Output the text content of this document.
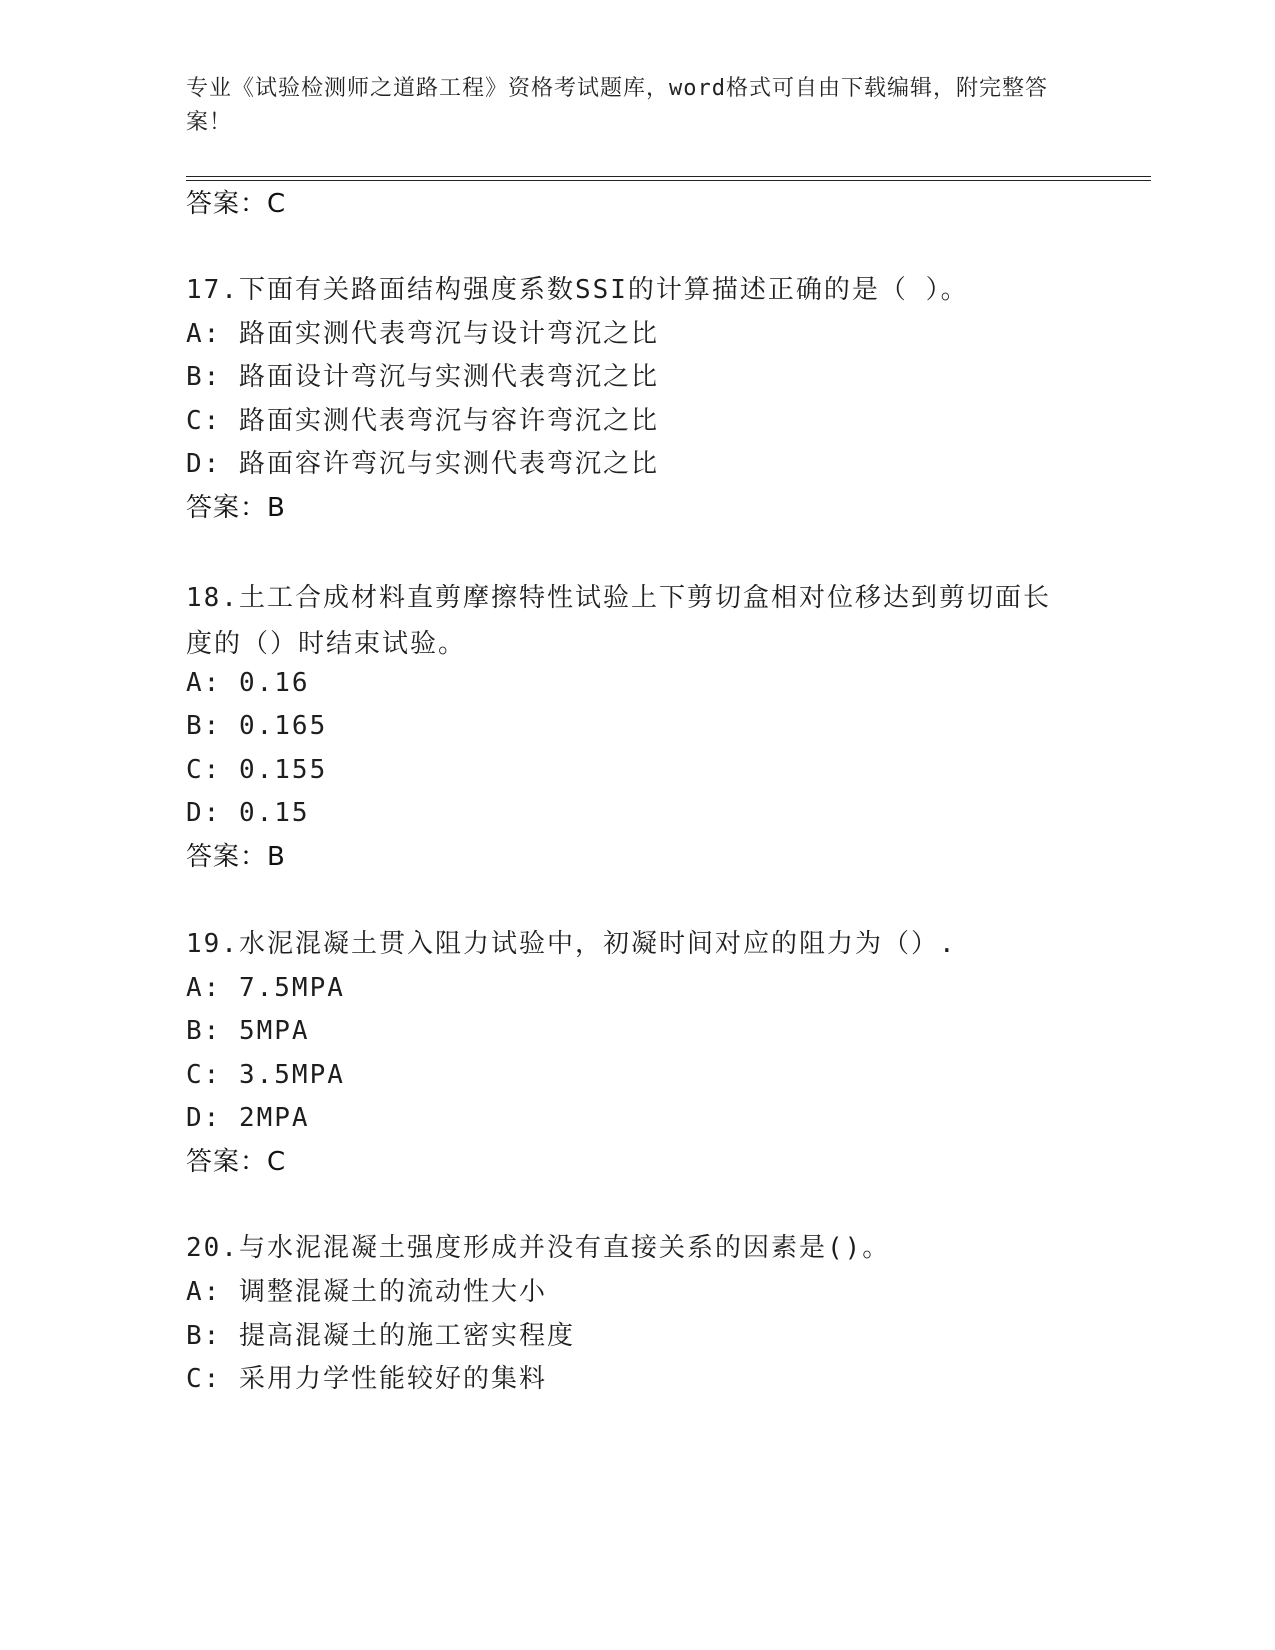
专业《试验检测师之道路工程》资格考试题库，word格式可自由下载编辑，附完整答案！
答案：C
17.下面有关路面结构强度系数SSI的计算描述正确的是（ ）。
A: 路面实测代表弯沉与设计弯沉之比
B: 路面设计弯沉与实测代表弯沉之比
C: 路面实测代表弯沉与容许弯沉之比
D: 路面容许弯沉与实测代表弯沉之比
答案：B
18.土工合成材料直剪摩擦特性试验上下剪切盒相对位移达到剪切面长度的（）时结束试验。
A: 0.16
B: 0.165
C: 0.155
D: 0.15
答案：B
19.水泥混凝土贯入阻力试验中，初凝时间对应的阻力为（）.
A: 7.5MPA
B: 5MPA
C: 3.5MPA
D: 2MPA
答案：C
20.与水泥混凝土强度形成并没有直接关系的因素是()。
A: 调整混凝土的流动性大小
B: 提高混凝土的施工密实程度
C: 采用力学性能较好的集料
